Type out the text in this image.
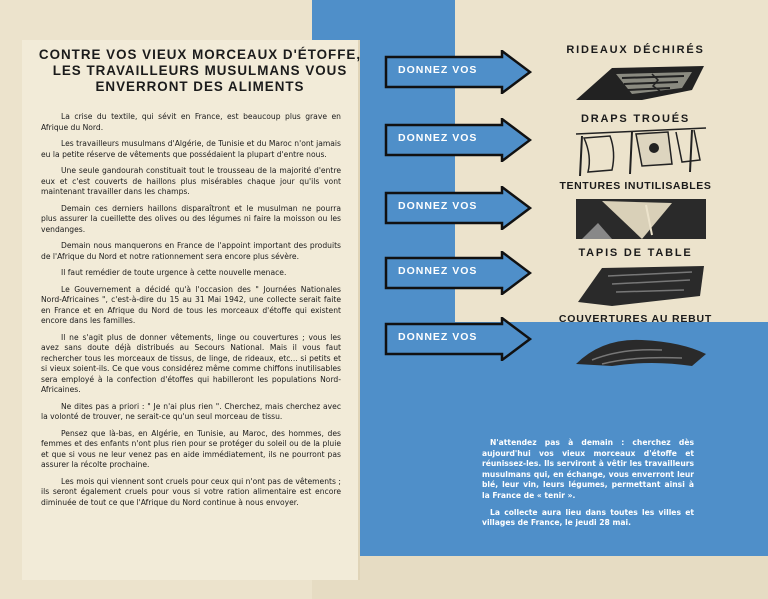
CONTRE VOS VIEUX MORCEAUX D'ÉTOFFE,
LES TRAVAILLEURS MUSULMANS VOUS
ENVERRONT DES ALIMENTS

La crise du textile, qui sévit en France, est beaucoup plus grave en Afrique du Nord.

Les travailleurs musulmans d'Algérie, de Tunisie et du Maroc n'ont jamais eu la petite réserve de vêtements que possédaient la plupart d'entre nous.

Une seule gandourah constituait tout le trousseau de la majorité d'entre eux et c'est couverts de haillons plus misérables chaque jour qu'ils vont maintenant travailler dans les champs.

Demain ces derniers haillons disparaîtront et le musulman ne pourra plus assurer la cueillette des olives ou des légumes ni faire la moisson ou les vendanges.

Demain nous manquerons en France de l'appoint important des produits de l'Afrique du Nord et notre rationnement sera encore plus sévère.

Il faut remédier de toute urgence à cette nouvelle menace.

Le Gouvernement a décidé qu'à l'occasion des " Journées Nationales Nord-Africaines ", c'est-à-dire du 15 au 31 Mai 1942, une collecte serait faite en France et en Afrique du Nord de tous les morceaux d'étoffe qui existent encore dans les familles.

Il ne s'agit plus de donner vêtements, linge ou couvertures ; vous les avez sans doute déjà distribués au Secours National. Mais il vous faut rechercher tous les morceaux de tissus, de linge, de rideaux, etc... si petits et si vieux soient-ils. Ce que vous considérez même comme chiffons inutilisables sera employé à la confection d'étoffes qui habilleront les populations Nord-Africaines.

Ne dites pas a priori : " Je n'ai plus rien ". Cherchez, mais cherchez avec la volonté de trouver, ne serait-ce qu'un seul morceau de tissu.

Pensez que là-bas, en Algérie, en Tunisie, au Maroc, des hommes, des femmes et des enfants n'ont plus rien pour se protéger du soleil ou de la pluie et que si vous ne leur venez pas en aide immédiatement, ils ne pourront pas assurer la récolte prochaine.

Les mois qui viennent sont cruels pour ceux qui n'ont pas de vêtements ; ils seront également cruels pour vous si votre ration alimentaire est encore diminuée de tout ce que l'Afrique du Nord continue à nous envoyer.

DONNEZ VOS
DONNEZ VOS
DONNEZ VOS
DONNEZ VOS
DONNEZ VOS
RIDEAUX DÉCHIRÉS
DRAPS TROUÉS
TENTURES INUTILISABLES
TAPIS DE TABLE
COUVERTURES AU REBUT

N'attendez pas à demain : cherchez dès aujourd'hui vos vieux morceaux d'étoffe et réunissez-les. Ils serviront à vêtir les travailleurs musulmans qui, en échange, vous enverront leur blé, leur vin, leurs légumes, permettant ainsi à la France de « tenir ».

La collecte aura lieu dans toutes les villes et villages de France, le jeudi 28 mai.
